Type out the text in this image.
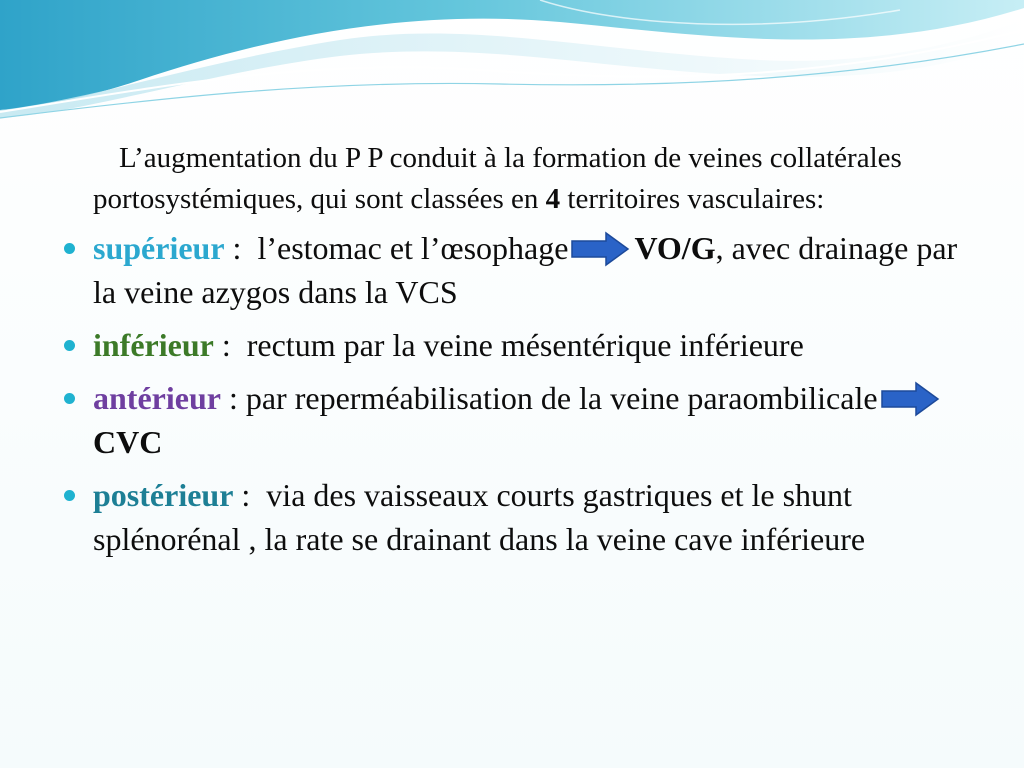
L’augmentation du P P conduit à la formation de veines collatérales portosystémiques, qui sont classées en 4 territoires vasculaires:

supérieur :  l’estomac et l’œsophage VO/G, avec drainage par la veine azygos dans la VCS

inférieur :  rectum par la veine mésentérique inférieure

antérieur : par reperméabilisation de la veine paraombilicaleCVC

postérieur :  via des vaisseaux courts gastriques et le shunt splénorénal , la rate se drainant dans la veine cave inférieure
